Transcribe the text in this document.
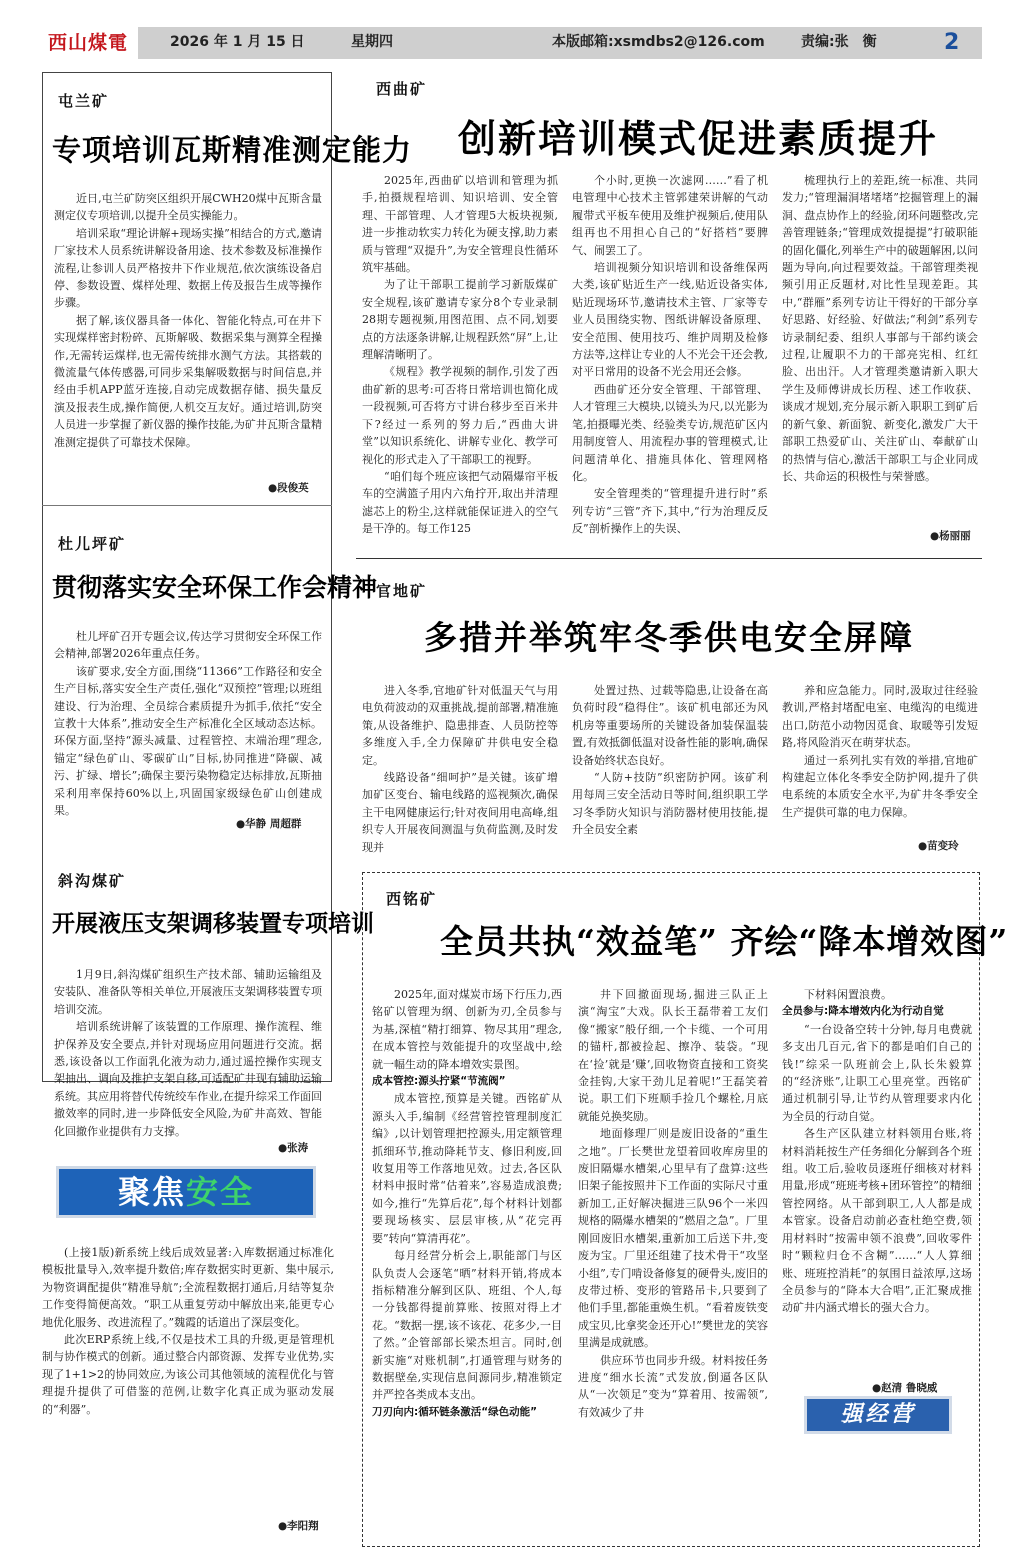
西山煤電	2026 年 1 月 15 日	星期四	本版邮箱:xsmdbs2@126.com	责编:张　衡	2
屯兰矿
专项培训瓦斯精准测定能力

近日,屯兰矿防突区组织开展CWH20煤中瓦斯含量测定仪专项培训,以提升全员实操能力。

培训采取“理论讲解+现场实操”相结合的方式,邀请厂家技术人员系统讲解设备用途、技术参数及标准操作流程,让参训人员严格按井下作业规范,依次演练设备启停、参数设置、煤样处理、数据上传及报告生成等操作步骤。

据了解,该仪器具备一体化、智能化特点,可在井下实现煤样密封粉碎、瓦斯解吸、数据采集与测算全程操作,无需转运煤样,也无需传统排水测气方法。其搭载的微流量气体传感器,可同步采集解吸数据与时间信息,并经由手机APP蓝牙连接,自动完成数据存储、损失量反演及报表生成,操作简便,人机交互友好。通过培训,防突人员进一步掌握了新仪器的操作技能,为矿井瓦斯含量精准测定提供了可靠技术保障。

●段俊英
杜儿坪矿
贯彻落实安全环保工作会精神

杜儿坪矿召开专题会议,传达学习贯彻安全环保工作会精神,部署2026年重点任务。

该矿要求,安全方面,围绕“11366”工作路径和安全生产目标,落实安全生产责任,强化“双预控”管理;以班组建设、行为治理、全员综合素质提升为抓手,依托“安全宣教十大体系”,推动安全生产标准化全区域动态达标。环保方面,坚持“源头减量、过程管控、末端治理”理念,锚定“绿色矿山、零碳矿山”目标,协同推进“降碳、减污、扩绿、增长”;确保主要污染物稳定达标排放,瓦斯抽采利用率保持60%以上,巩固国家级绿色矿山创建成果。

●华静 周超群
斜沟煤矿
开展液压支架调移装置专项培训

1月9日,斜沟煤矿组织生产技术部、辅助运输组及安装队、准备队等相关单位,开展液压支架调移装置专项培训交流。

培训系统讲解了该装置的工作原理、操作流程、维护保养及安全要点,并针对现场应用问题进行交流。据悉,该设备以工作面乳化液为动力,通过遥控操作实现支架抽出、调向及推护支架自移,可适配矿井现有辅助运输系统。其应用将替代传统绞车作业,在提升综采工作面回撤效率的同时,进一步降低安全风险,为矿井高效、智能化回撤作业提供有力支撑。

●张涛
聚焦安全

(上接1版)新系统上线后成效显著:入库数据通过标准化模板批量导入,效率提升数倍;库存数据实时更新、集中展示,为物资调配提供“精准导航”;全流程数据打通后,月结等复杂工作变得简便高效。“职工从重复劳动中解放出来,能更专心地优化服务、改进流程了。”魏霞的话道出了深层变化。

此次ERP系统上线,不仅是技术工具的升级,更是管理机制与协作模式的创新。通过整合内部资源、发挥专业优势,实现了1+1>2的协同效应,为该公司其他领域的流程优化与管理提升提供了可借鉴的范例,让数字化真正成为驱动发展的“利器”。

●李阳翔
西曲矿
创新培训模式促进素质提升

2025年,西曲矿以培训和管理为抓手,拍摄规程培训、知识培训、安全管理、干部管理、人才管理5大板块视频,进一步推动软实力转化为硬支撑,助力素质与管理“双提升”,为安全管理良性循环筑牢基础。

为了让干部职工提前学习新版煤矿安全规程,该矿邀请专家分8个专业录制28期专题视频,用图范围、点不同,划要点的方法逐条讲解,让规程跃然“屏”上,让理解清晰明了。

《规程》教学视频的制作,引发了西曲矿新的思考:可否将日常培训也简化成一段视频,可否将方寸讲台移步至百米井下?经过一系列的努力后,“西曲大讲堂”以知识系统化、讲解专业化、教学可视化的形式走入了干部职工的视野。

“咱们每个班应该把气动隔爆帘平板车的空满篮子用内六角拧开,取出并清理滤芯上的粉尘,这样就能保证进入的空气是干净的。每工作125

个小时,更换一次滤网……”看了机电管理中心技术主管郭建荣讲解的气动履带式平板车使用及维护视频后,使用队组再也不用担心自己的“好搭档”要脾气、闹罢工了。

培训视频分知识培训和设备维保两大类,该矿贴近生产一线,贴近设备实体,贴近现场环节,邀请技术主管、厂家等专业人员围绕实物、图纸讲解设备原理、安全范围、使用技巧、维护周期及检修方法等,这样让专业的人不光会干还会教,对平日常用的设备不光会用还会修。

西曲矿还分安全管理、干部管理、人才管理三大模块,以镜头为尺,以光影为笔,拍摄曝光类、经验类专访,规范矿区内用制度管人、用流程办事的管理模式,让问题清单化、措施具体化、管理网格化。

安全管理类的“管理提升进行时”系列专访“三管”齐下,其中,“行为治理反反反”剖析操作上的失误、

梳理执行上的差距,统一标准、共同发力;“管理漏洞堵堵堵”挖掘管理上的漏洞、盘点协作上的经验,闭环问题整改,完善管理链条;“管理成效提提提”打破职能的固化僵化,列举生产中的破题解困,以问题为导向,向过程要效益。干部管理类视频引用正反题材,对比性呈现差距。其中,“群雁”系列专访让干得好的干部分享好思路、好经验、好做法;“利剑”系列专访录制纪委、组织人事部与干部约谈会过程,让履职不力的干部亮宪相、红红脸、出出汗。人才管理类邀请新入职大学生及师傅讲成长历程、述工作收获、谈成才规划,充分展示新入职职工到矿后的新气象、新面貌、新变化,激发广大干部职工热爱矿山、关注矿山、奉献矿山的热情与信心,激活干部职工与企业同成长、共命运的积极性与荣誉感。

●杨丽丽
官地矿
多措并举筑牢冬季供电安全屏障

进入冬季,官地矿针对低温天气与用电负荷波动的双重挑战,提前部署,精准施策,从设备维护、隐患排查、人员防控等多维度入手,全力保障矿井供电安全稳定。

线路设备“细呵护”是关键。该矿增加矿区变台、输电线路的巡视频次,确保主干电网健康运行;针对夜间用电高峰,组织专人开展夜间测温与负荷监测,及时发现并

处置过热、过载等隐患,让设备在高负荷时段“稳得住”。该矿机电部还为风机房等重要场所的关键设备加装保温装置,有效抵御低温对设备性能的影响,确保设备始终状态良好。

“人防+技防”织密防护网。该矿利用每周三安全活动日等时间,组织职工学习冬季防火知识与消防器材使用技能,提升全员安全素

养和应急能力。同时,汲取过往经验教训,严格封堵配电室、电缆沟的电缆进出口,防范小动物因觅食、取暖等引发短路,将风险消灭在萌芽状态。

通过一系列扎实有效的举措,官地矿构建起立体化冬季安全防护网,提升了供电系统的本质安全水平,为矿井冬季安全生产提供可靠的电力保障。

●苗变玲
西铭矿
全员共执“效益笔” 齐绘“降本增效图”

2025年,面对煤炭市场下行压力,西铭矿以管理为纲、创新为刃,全员参与为基,深植“精打细算、物尽其用”理念,在成本管控与效能提升的攻坚战中,绘就一幅生动的降本增效实景图。

成本管控:源头拧紧“节流阀”

成本管控,预算是关键。西铭矿从源头入手,编制《经营管控管理制度汇编》,以计划管理把控源头,用定额管理抓细环节,推动降耗节支、修旧利废,回收复用等工作落地见效。过去,各区队材料申报时常“估着来”,容易造成浪费;如今,推行“先算后花”,每个材料计划都要现场核实、层层审核,从“花完再要”转向“算清再花”。

每月经营分析会上,职能部门与区队负责人会逐笔“晒”材料开销,将成本指标精准分解到区队、班组、个人,每一分钱都得提前算账、按照对得上才花。“数据一摆,该不该花、花多少,一目了然。”企管部部长梁杰坦言。同时,创新实施“对账机制”,打通管理与财务的数据壁垒,实现信息间源同步,精准锁定并严控各类成本支出。

刀刃向内:循环链条激活“绿色动能”

井下回撤面现场,掘进三队正上演“淘宝”大戏。队长王磊带着工友们像“搬家”般仔细,一个卡缆、一个可用的锚杆,都被捡起、擦净、装袋。“现在‘捡’就是‘赚’,回收物资直接和工资奖金挂钩,大家干劲儿足着呢!”王磊笑着说。职工们下班顺手捡几个螺栓,月底就能兑换奖励。

地面修理厂则是废旧设备的“重生之地”。厂长樊世龙望着回收库房里的废旧隔爆水槽架,心里早有了盘算:这些旧架子能按照井下工作面的实际尺寸重新加工,正好解决掘进三队96个一米四规格的隔爆水槽架的“燃眉之急”。厂里刚回废旧水槽架,重新加工后送下井,变废为宝。厂里还组建了技术骨干“攻坚小组”,专门啃设备修复的硬骨头,废旧的皮带过桥、变形的管路吊卡,只要到了他们手里,都能重焕生机。“看着废铁变成宝贝,比拿奖金还开心!”樊世龙的笑容里满是成就感。

供应环节也同步升级。材料按任务进度“细水长流”式发放,倒逼各区队从“一次领足”变为“算着用、按需领”,有效减少了井

下材料闲置浪费。

全员参与:降本增效内化为行动自觉

“一台设备空转十分钟,每月电费就多支出几百元,省下的都是咱们自己的钱!”综采一队班前会上,队长朱毅算的“经济账”,让职工心里亮堂。西铭矿通过机制引导,让节约从管理要求内化为全员的行动自觉。

各生产区队建立材料领用台账,将材料消耗按生产任务细化分解到各个班组。收工后,验收员逐班仔细核对材料用量,形成“班班考核+团环管控”的精细管控网络。从干部到职工,人人都是成本管家。设备启动前必查杜绝空费,领用材料时“按需申领不浪费”,回收零件时“颗粒归仓不含糊”……“人人算细账、班班控消耗”的氛围日益浓厚,这场全员参与的“降本大合唱”,正汇聚成推动矿井内涵式增长的强大合力。

●赵清 鲁晓威
强经营
